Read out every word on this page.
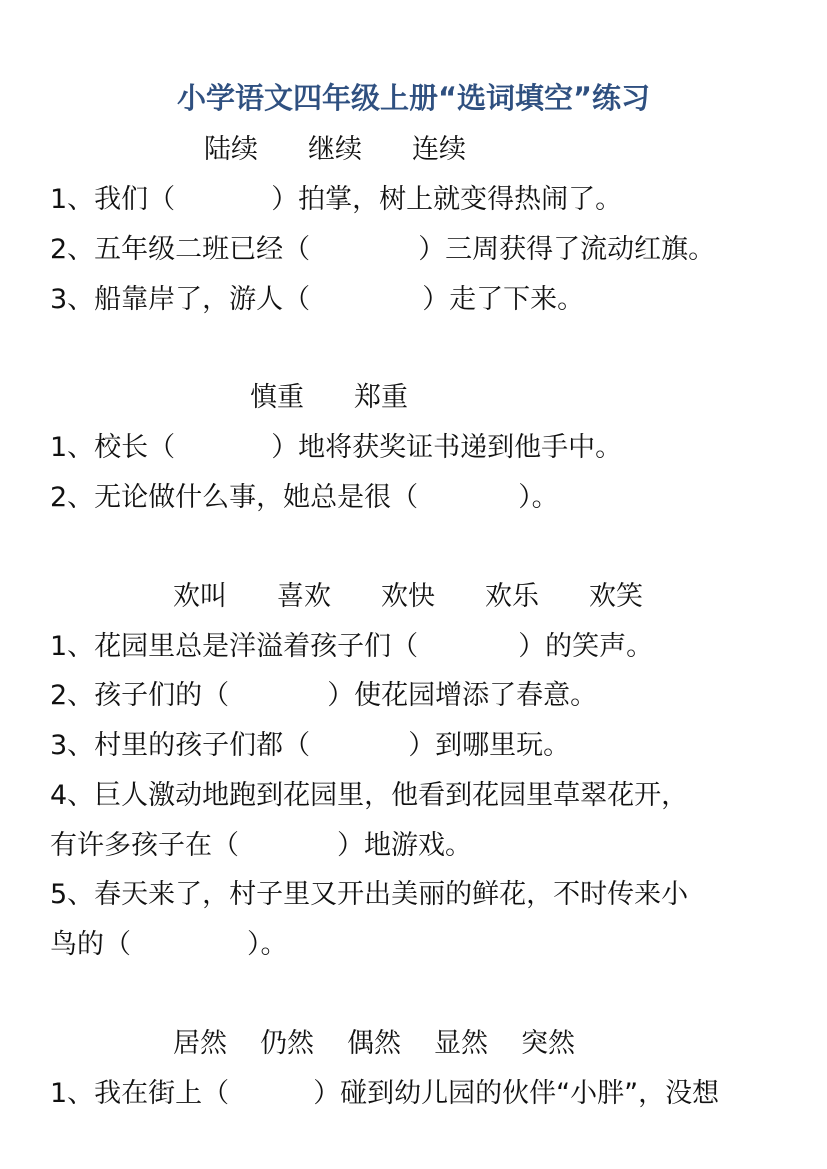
小学语文四年级上册“选词填空”练习
陆续 继续 连续
1、我们（	）拍掌，树上就变得热闹了。
2、五年级二班已经（	）三周获得了流动红旗。
3、船靠岸了，游人（	）走了下来。
慎重 郑重
1、校长（	）地将获奖证书递到他手中。
2、无论做什么事，她总是很（	）。
欢叫 喜欢 欢快 欢乐 欢笑
1、花园里总是洋溢着孩子们（	）的笑声。
2、孩子们的（	）使花园增添了春意。
3、村里的孩子们都（	）到哪里玩。
4、巨人激动地跑到花园里，他看到花园里草翠花开，
有许多孩子在（	）地游戏。
5、春天来了，村子里又开出美丽的鲜花，不时传来小
鸟的（	）。
居然 仍然 偶然 显然 突然
1、我在街上（	）碰到幼儿园的伙伴“小胖”，没想
